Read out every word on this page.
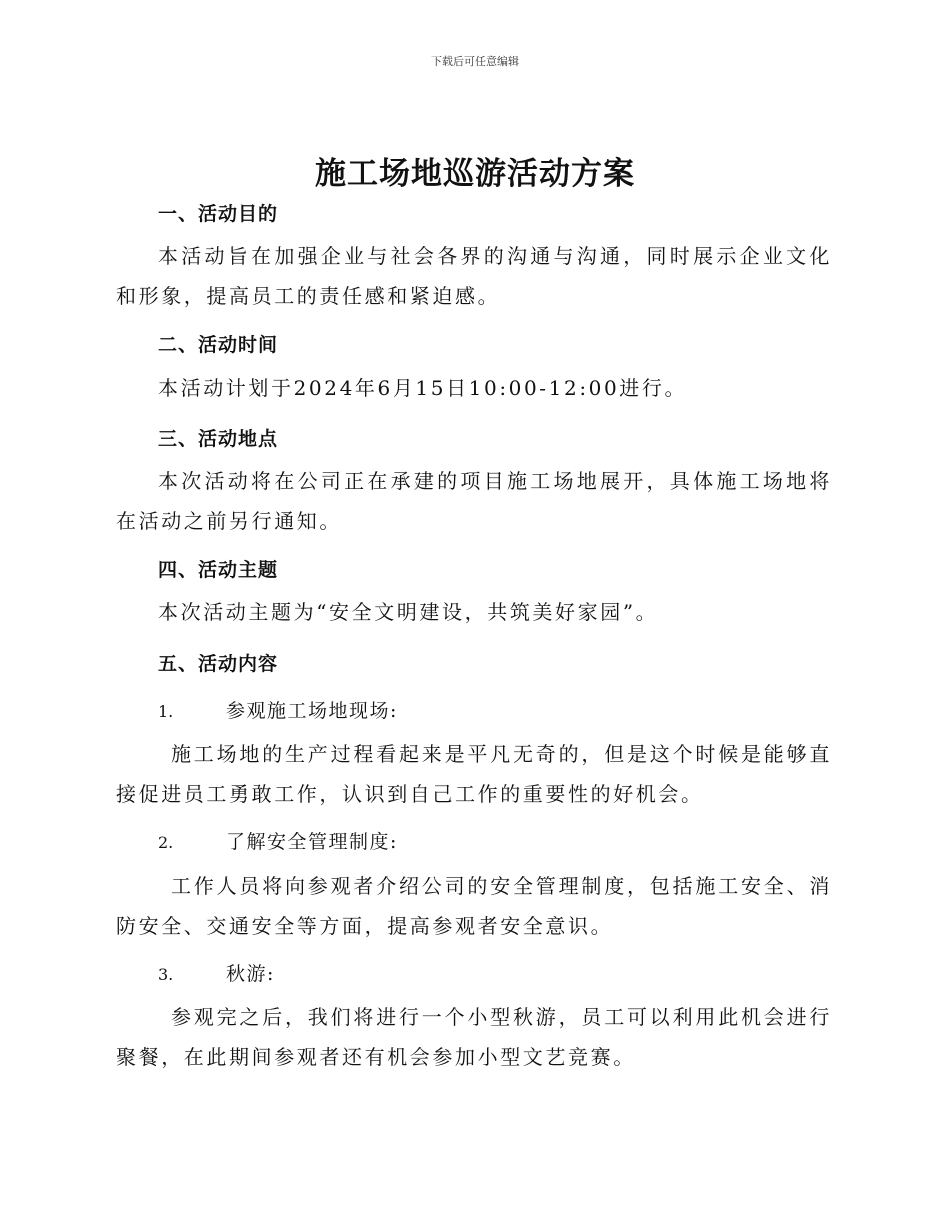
下载后可任意编辑
施工场地巡游活动方案
一、活动目的

本活动旨在加强企业与社会各界的沟通与沟通，同时展示企业文化和形象，提高员工的责任感和紧迫感。

二、活动时间

本活动计划于2024年6月15日10:00-12:00进行。

三、活动地点

本次活动将在公司正在承建的项目施工场地展开，具体施工场地将在活动之前另行通知。

四、活动主题

本次活动主题为“安全文明建设，共筑美好家园”。

五、活动内容

1.	参观施工场地现场:

施工场地的生产过程看起来是平凡无奇的，但是这个时候是能够直接促进员工勇敢工作，认识到自己工作的重要性的好机会。

2.	了解安全管理制度:

工作人员将向参观者介绍公司的安全管理制度，包括施工安全、消防安全、交通安全等方面，提高参观者安全意识。

3.	秋游:

参观完之后，我们将进行一个小型秋游，员工可以利用此机会进行聚餐，在此期间参观者还有机会参加小型文艺竞赛。
